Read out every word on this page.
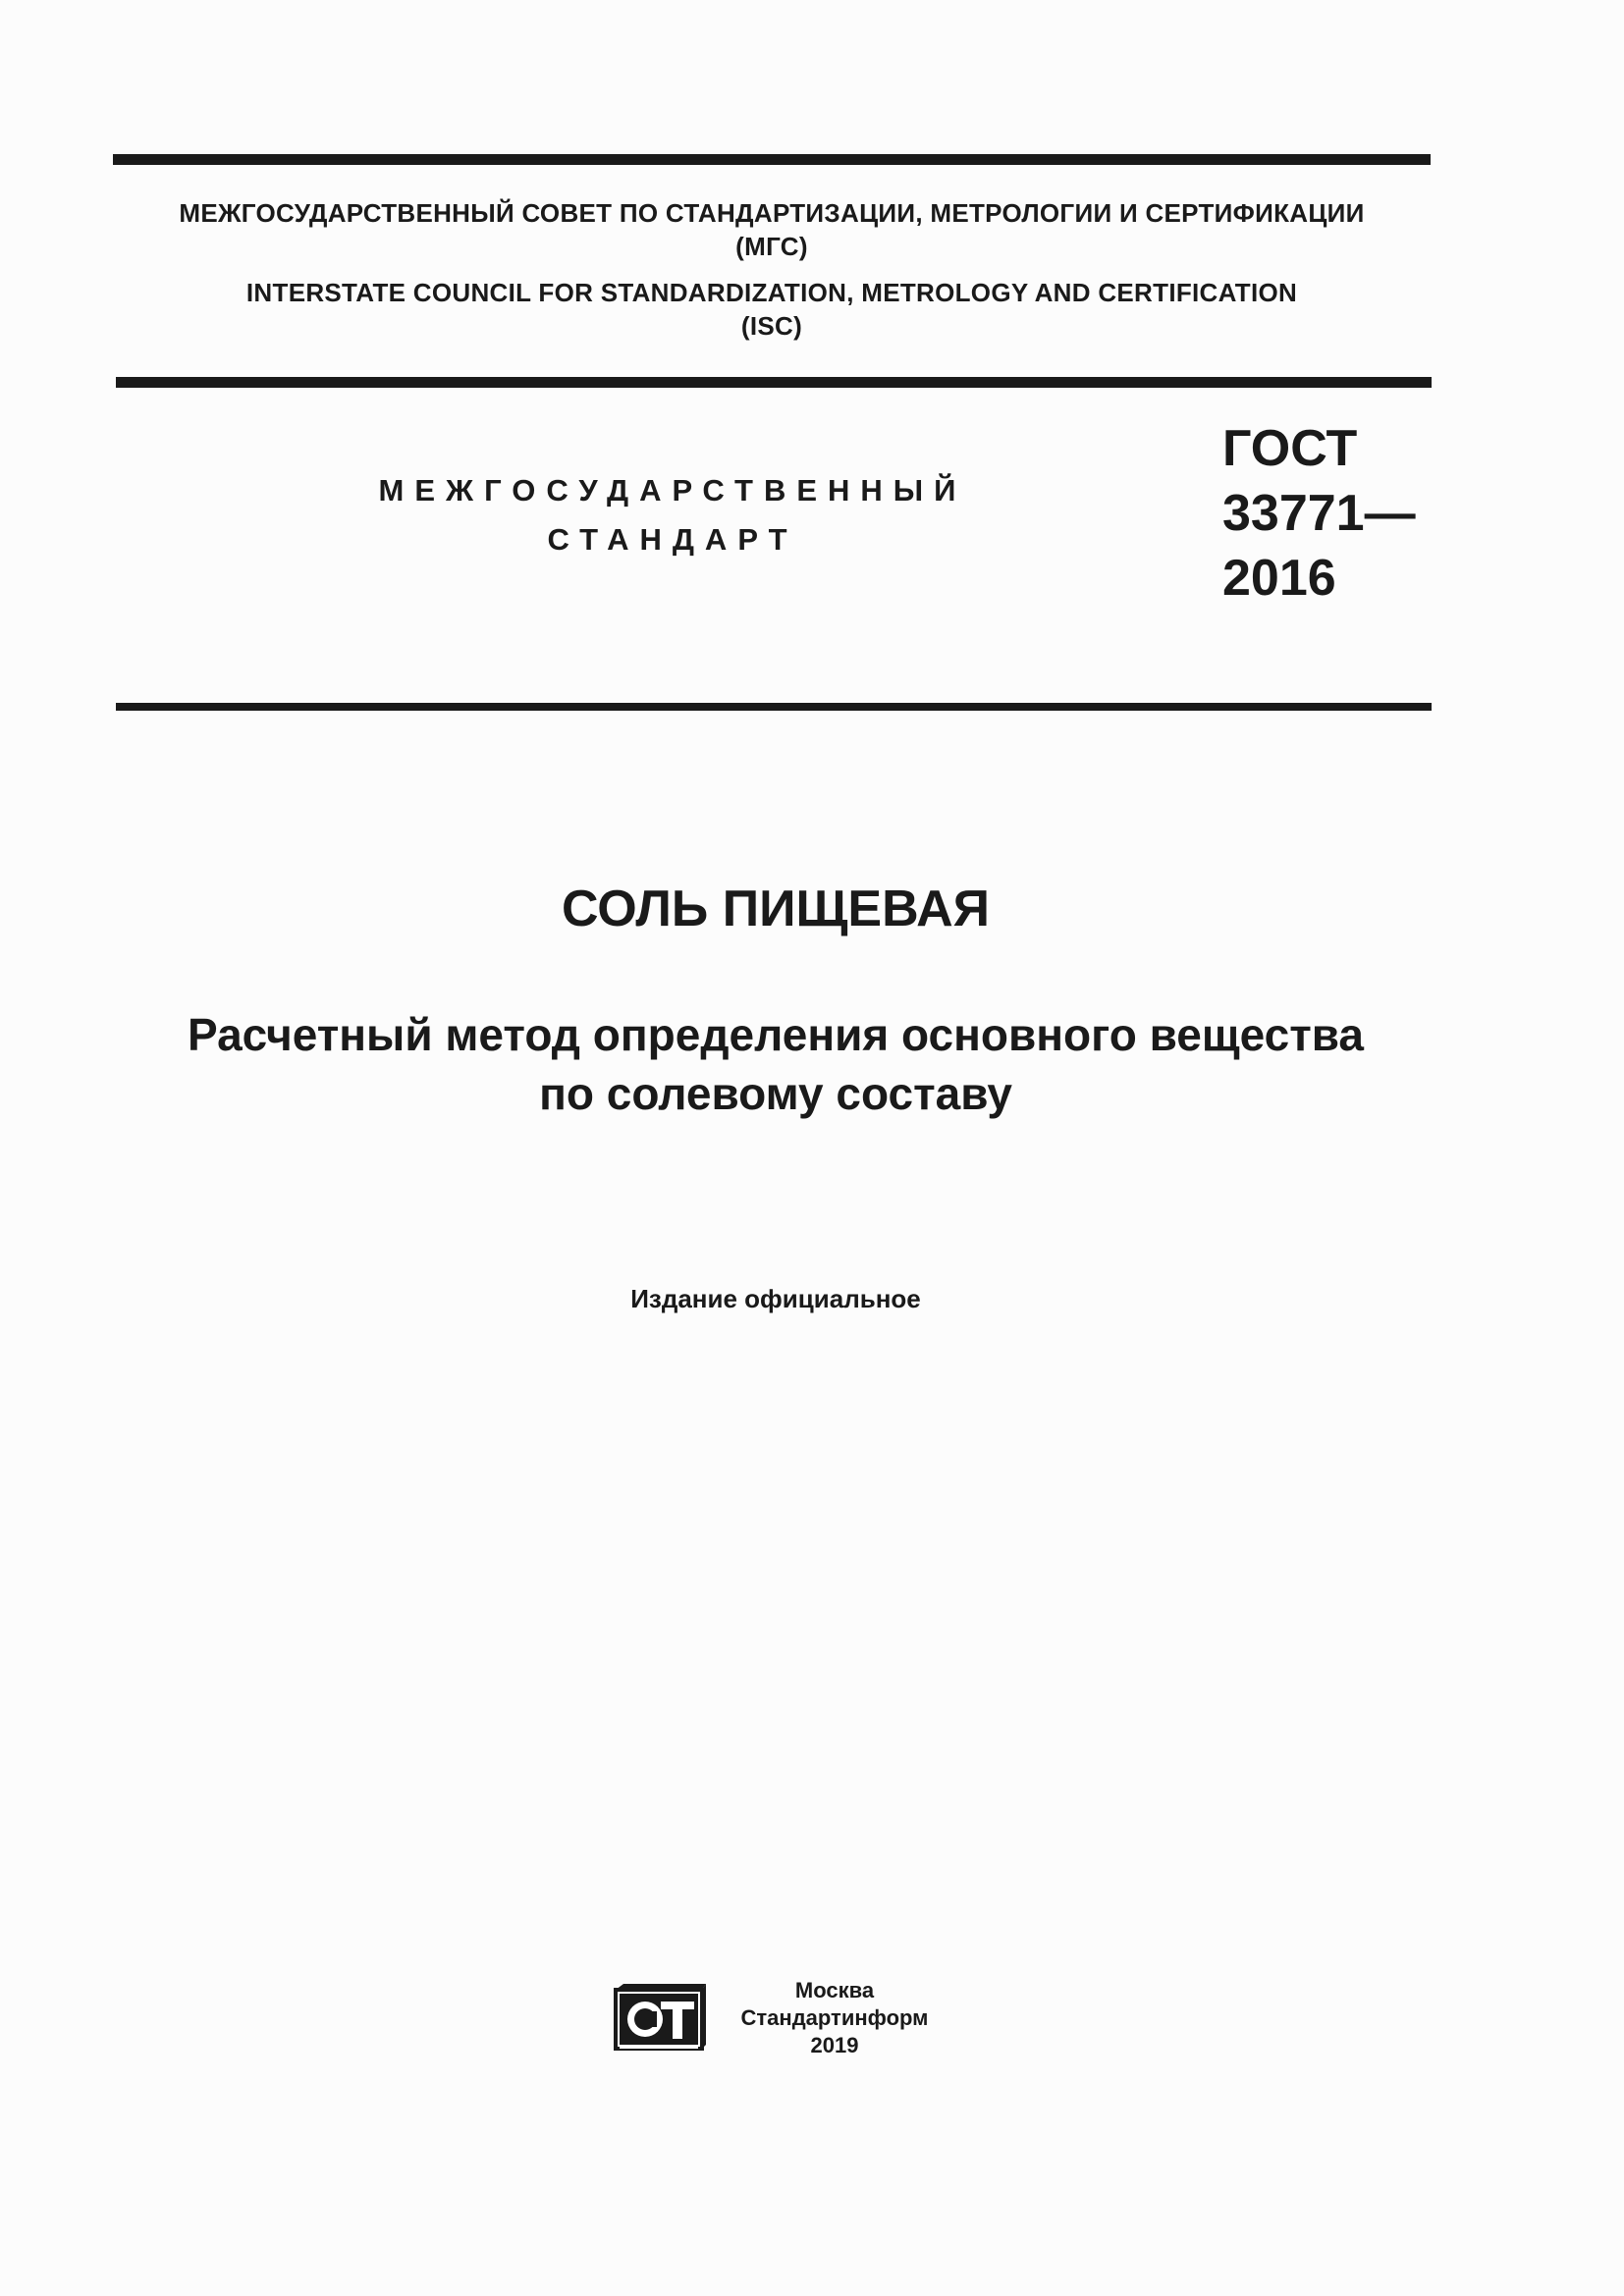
МЕЖГОСУДАРСТВЕННЫЙ СОВЕТ ПО СТАНДАРТИЗАЦИИ, МЕТРОЛОГИИ И СЕРТИФИКАЦИИ
(МГС)
INTERSTATE COUNCIL FOR STANDARDIZATION, METROLOGY AND CERTIFICATION
(ISC)
МЕЖГОСУДАРСТВЕННЫЙ
СТАНДАРТ
ГОСТ
33771—
2016
СОЛЬ ПИЩЕВАЯ
Расчетный метод определения основного вещества
по солевому составу
Издание официальное
Москва
Стандартинформ
2019
